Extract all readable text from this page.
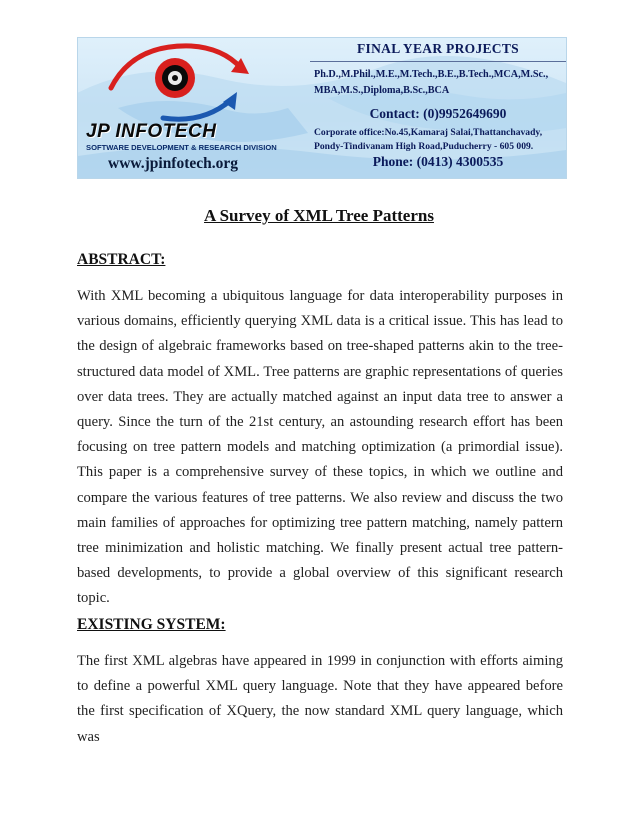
JP INFOTECH
SOFTWARE DEVELOPMENT & RESEARCH DIVISION
www.jpinfotech.org
FINAL YEAR PROJECTS
Ph.D.,M.Phil.,M.E.,M.Tech.,B.E.,B.Tech.,MCA,M.Sc.,
MBA,M.S.,Diploma,B.Sc.,BCA
Contact: (0)9952649690
Corporate office:No.45,Kamaraj Salai,Thattanchavady,
Pondy-Tindivanam High Road,Puducherry - 605 009.
Phone: (0413) 4300535
A Survey of XML Tree Patterns
ABSTRACT:
With XML becoming a ubiquitous language for data interoperability purposes in various domains, efficiently querying XML data is a critical issue. This has lead to the design of algebraic frameworks based on tree-shaped patterns akin to the tree-structured data model of XML. Tree patterns are graphic representations of queries over data trees. They are actually matched against an input data tree to answer a query. Since the turn of the 21st century, an astounding research effort has been focusing on tree pattern models and matching optimization (a primordial issue). This paper is a comprehensive survey of these topics, in which we outline and compare the various features of tree patterns. We also review and discuss the two main families of approaches for optimizing tree pattern matching, namely pattern tree minimization and holistic matching. We finally present actual tree pattern-based developments, to provide a global overview of this significant research topic.
EXISTING SYSTEM:
The first XML algebras have appeared in 1999 in conjunction with efforts aiming to define a powerful XML query language. Note that they have appeared before the first specification of XQuery, the now standard XML query language, which was
